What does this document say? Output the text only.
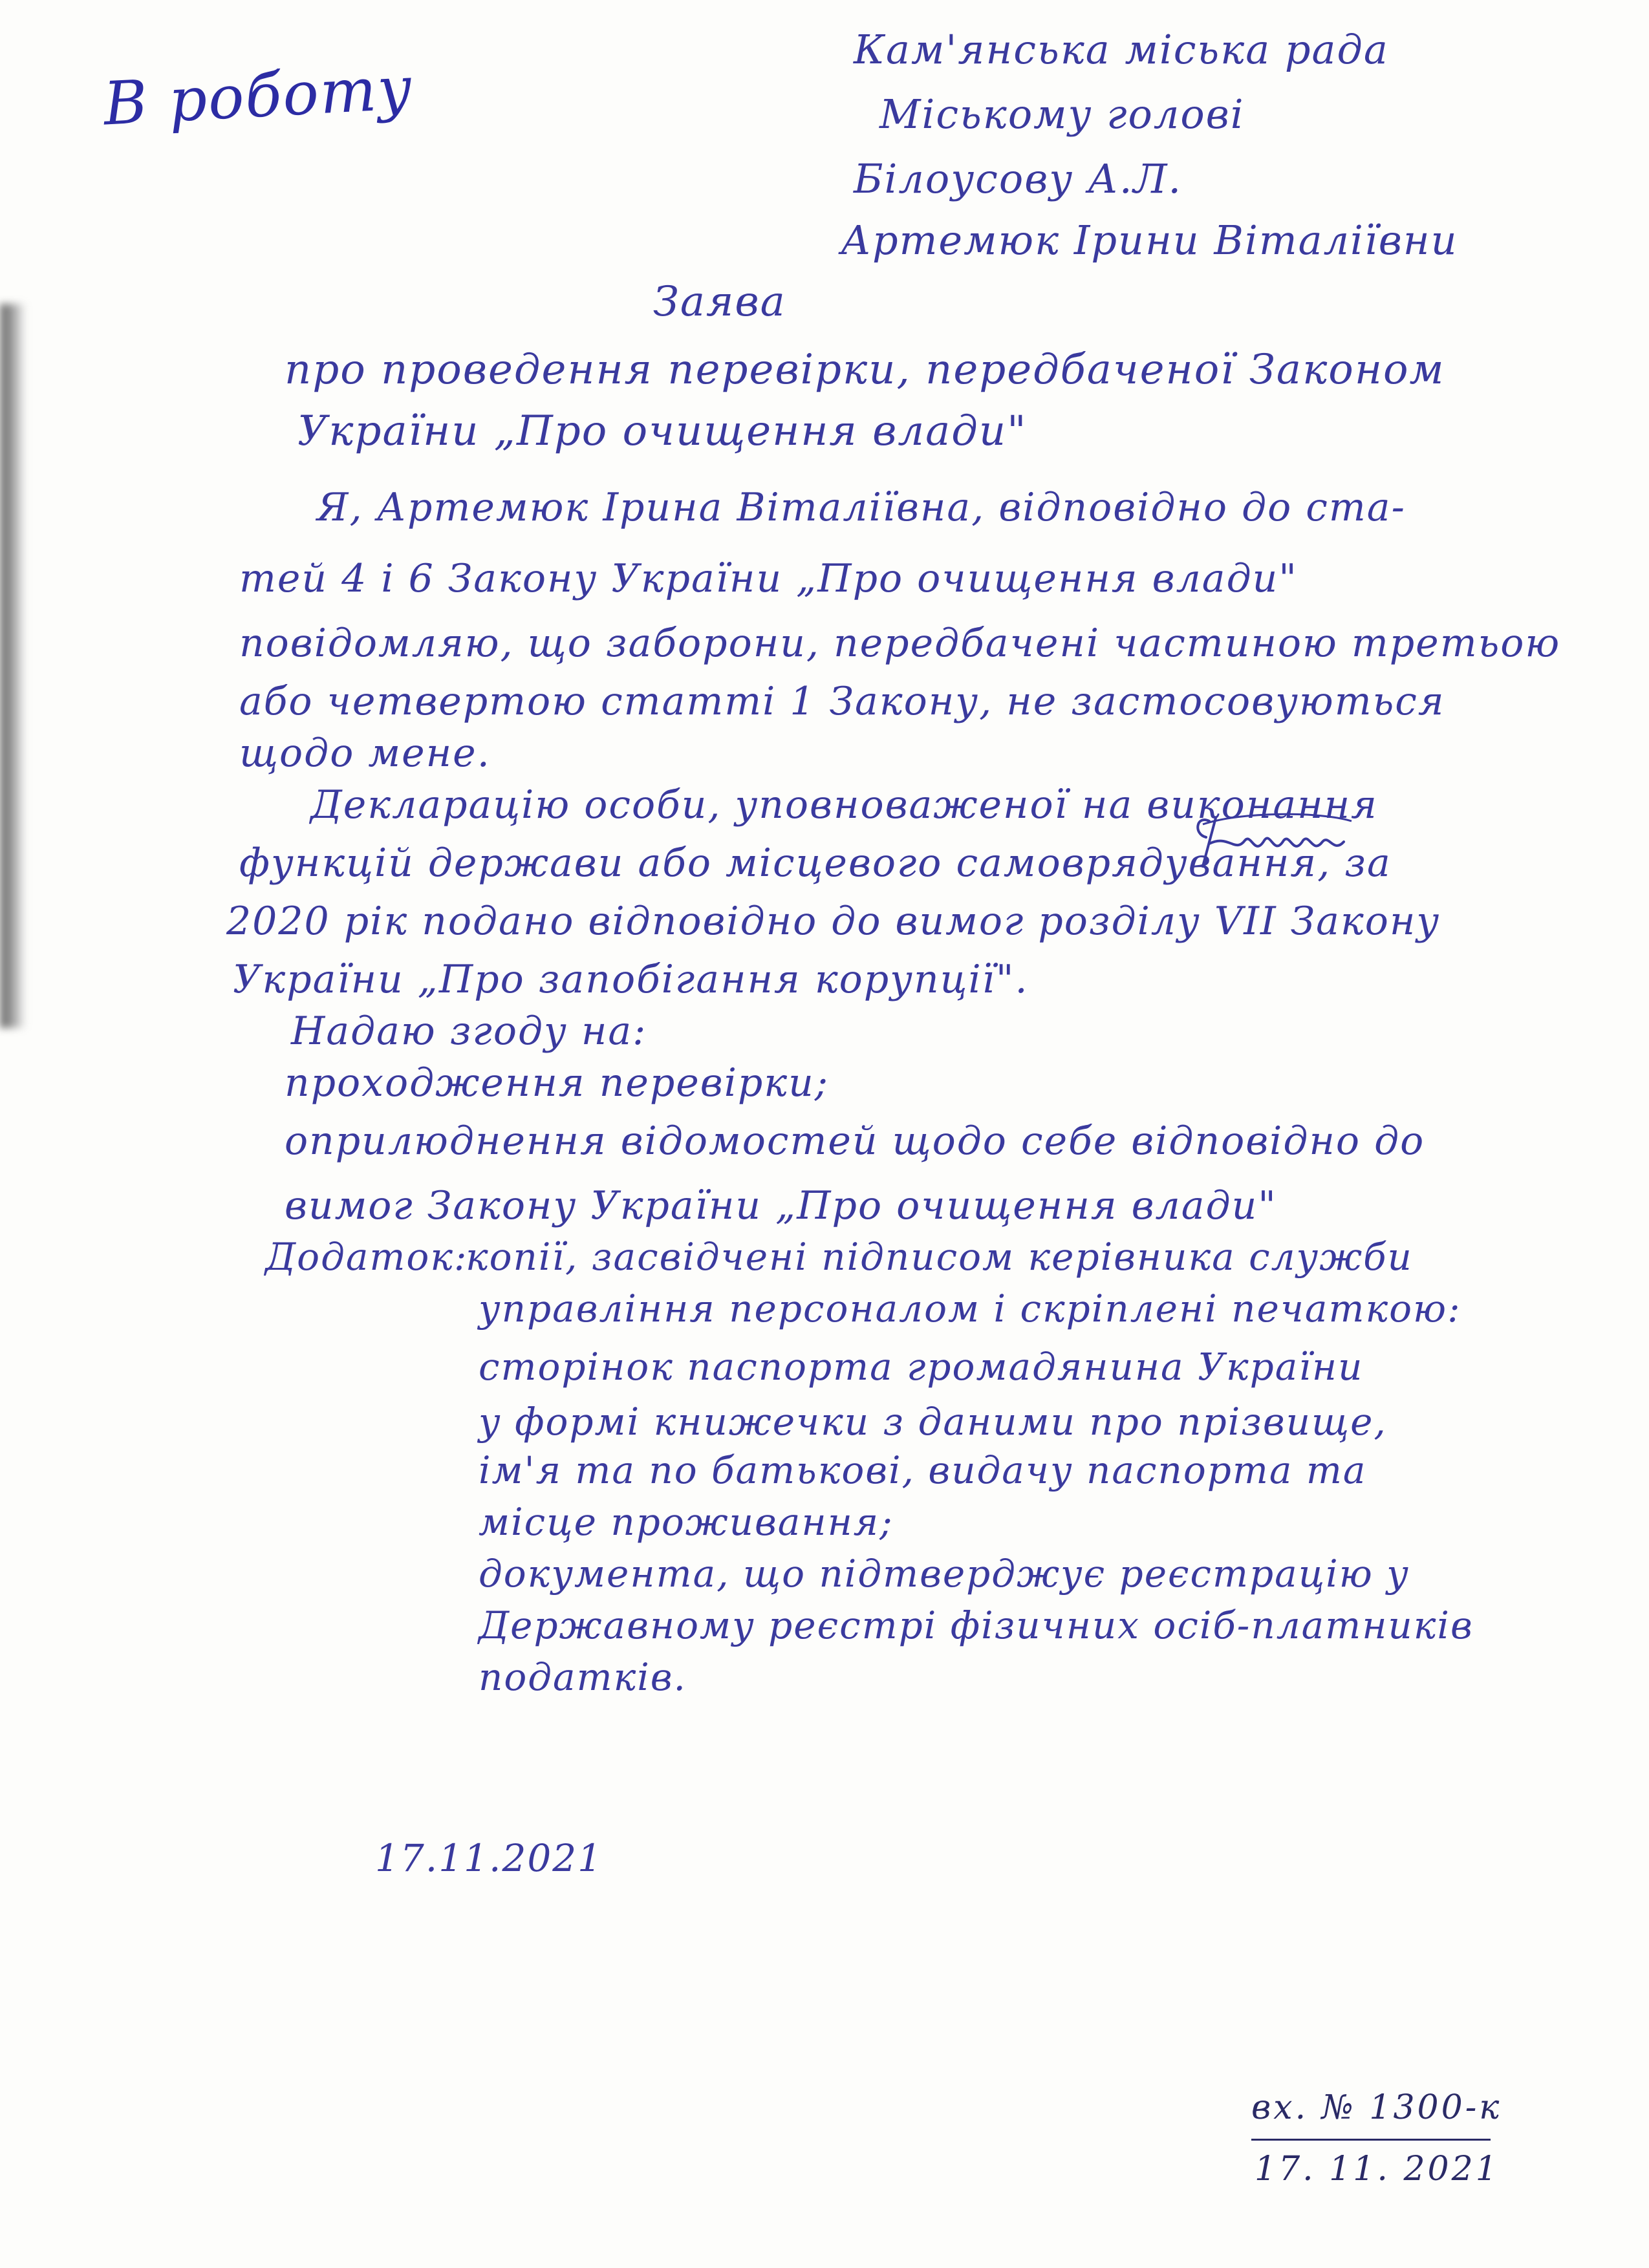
В роботу
Кам'янська міська рада
Міському голові
Білоусову А.Л.
Артемюк Ірини Віталіївни
Заява
про проведення перевірки, передбаченої Законом
України „Про очищення влади"
Я, Артемюк Ірина Віталіївна, відповідно до ста-
тей 4 і 6 Закону України „Про очищення влади"
повідомляю, що заборони, передбачені частиною третьою
або четвертою статті 1 Закону, не застосовуються
щодо мене.
Декларацію особи, уповноваженої на виконання
функцій держави або місцевого самоврядування, за
2020 рік подано відповідно до вимог розділу VII Закону
України „Про запобігання корупції".
Надаю згоду на:
проходження перевірки;
оприлюднення відомостей щодо себе відповідно до
вимог Закону України „Про очищення влади"
Додаток:
копії, засвідчені підписом керівника служби
управління персоналом і скріплені печаткою:
сторінок паспорта громадянина України
у формі книжечки з даними про прізвище,
ім'я та по батькові, видачу паспорта та
місце проживання;
документа, що підтверджує реєстрацію у
Державному реєстрі фізичних осіб-платників
податків.
17.11.2021
вх. № 1300-к
17. 11. 2021
